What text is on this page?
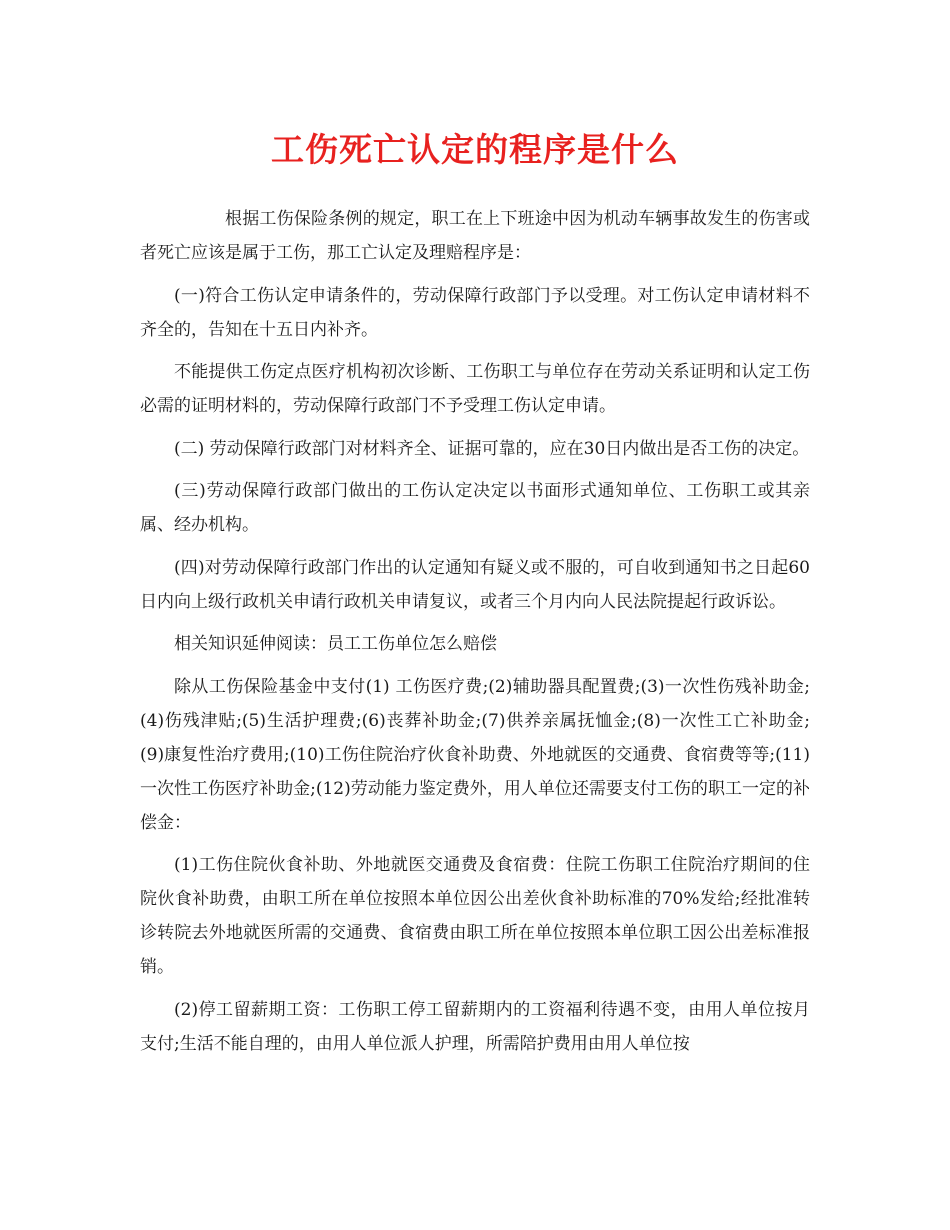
工伤死亡认定的程序是什么

根据工伤保险条例的规定，职工在上下班途中因为机动车辆事故发生的伤害或者死亡应该是属于工伤，那工亡认定及理赔程序是：

(一)符合工伤认定申请条件的，劳动保障行政部门予以受理。对工伤认定申请材料不齐全的，告知在十五日内补齐。

不能提供工伤定点医疗机构初次诊断、工伤职工与单位存在劳动关系证明和认定工伤必需的证明材料的，劳动保障行政部门不予受理工伤认定申请。

(二) 劳动保障行政部门对材料齐全、证据可靠的，应在30日内做出是否工伤的决定。

(三)劳动保障行政部门做出的工伤认定决定以书面形式通知单位、工伤职工或其亲属、经办机构。

(四)对劳动保障行政部门作出的认定通知有疑义或不服的，可自收到通知书之日起60日内向上级行政机关申请行政机关申请复议，或者三个月内向人民法院提起行政诉讼。

相关知识延伸阅读：员工工伤单位怎么赔偿

除从工伤保险基金中支付(1) 工伤医疗费;(2)辅助器具配置费;(3)一次性伤残补助金;(4)伤残津贴;(5)生活护理费;(6)丧葬补助金;(7)供养亲属抚恤金;(8)一次性工亡补助金; (9)康复性治疗费用;(10)工伤住院治疗伙食补助费、外地就医的交通费、食宿费等等;(11)一次性工伤医疗补助金;(12)劳动能力鉴定费外，用人单位还需要支付工伤的职工一定的补偿金：

(1)工伤住院伙食补助、外地就医交通费及食宿费：住院工伤职工住院治疗期间的住院伙食补助费，由职工所在单位按照本单位因公出差伙食补助标准的70%发给;经批准转诊转院去外地就医所需的交通费、食宿费由职工所在单位按照本单位职工因公出差标准报销。

(2)停工留薪期工资：工伤职工停工留薪期内的工资福利待遇不变，由用人单位按月支付;生活不能自理的，由用人单位派人护理，所需陪护费用由用人单位按
